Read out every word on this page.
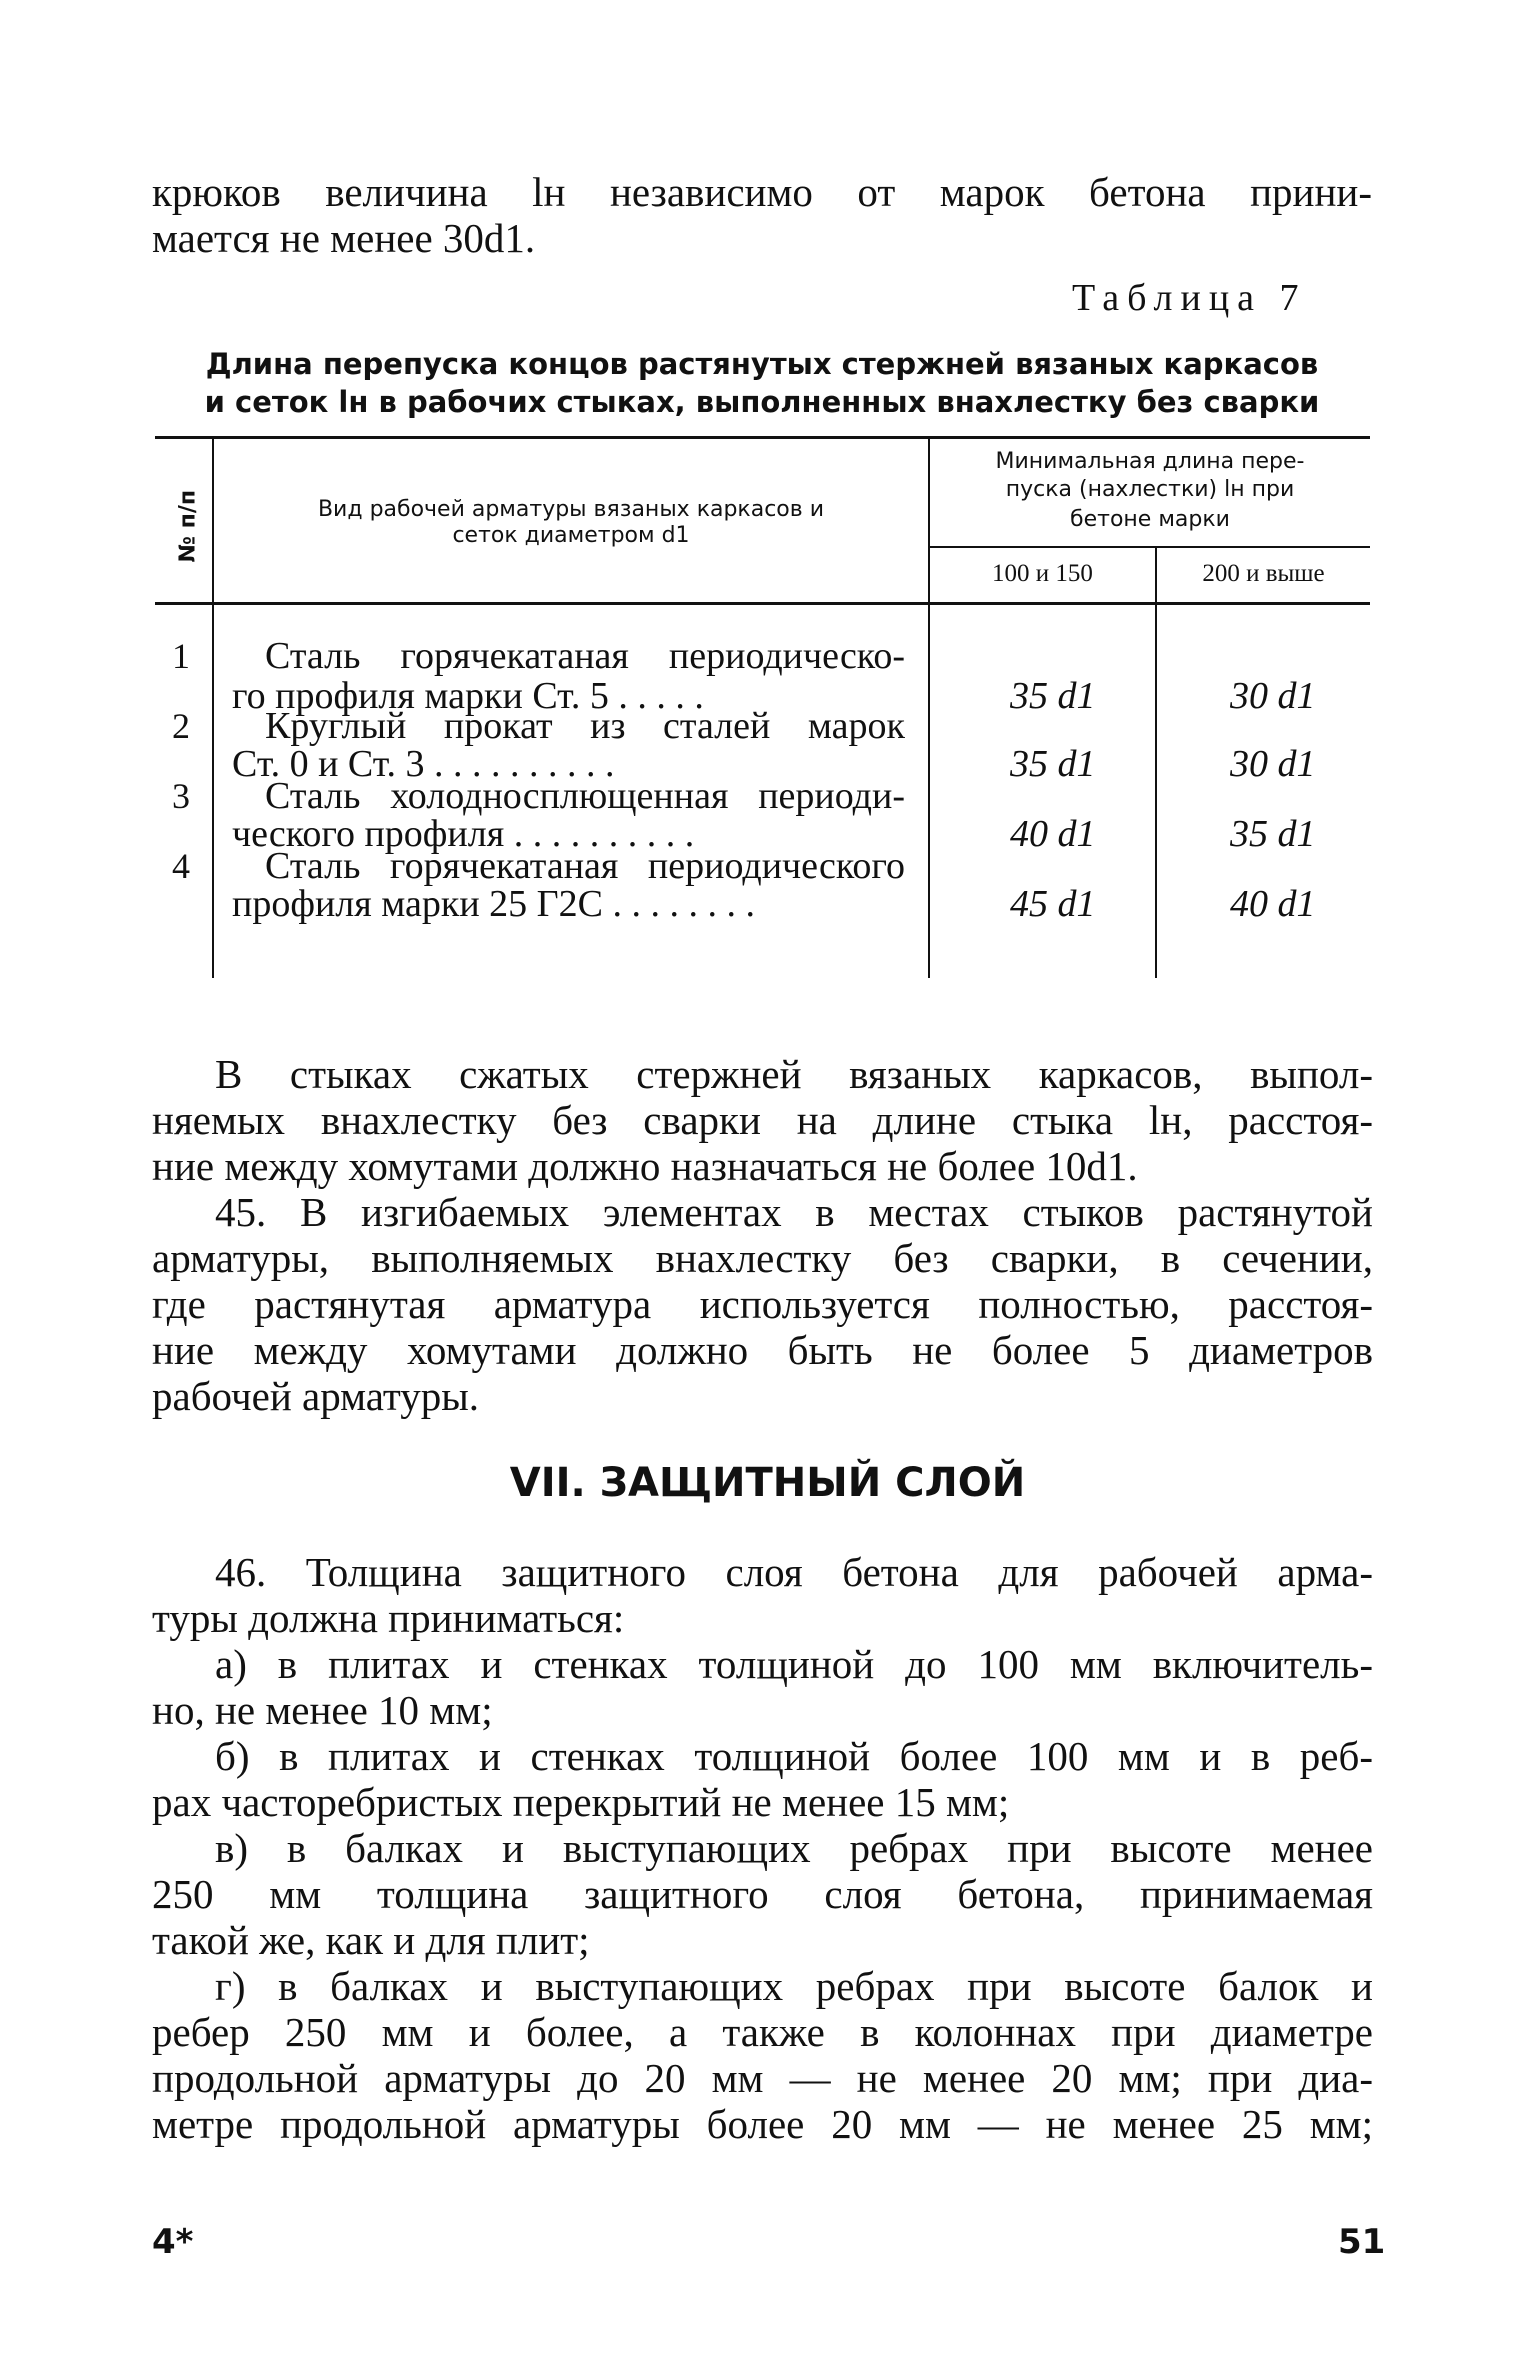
крюков величина lн независимо от марок бетона прини-
мается не менее 30d1.
Таблица 7
Длина перепуска концов растянутых стержней вязаных каркасов
и сеток lн в рабочих стыках, выполненных внахлестку без сварки
№ п/п	Вид рабочей арматуры вязаных каркасов и
сеток диаметром d1
Минимальная длина пере-
пуска (нахлестки) lн при
бетоне марки
100 и 150	200 и выше
1 Сталь горячекатаная периодическо-
го профиля марки Ст. 5 . . . . .	35 d1	30 d1
2 Круглый прокат из сталей марок
Ст. 0 и Ст. 3 . . . . . . . . . .	35 d1	30 d1
3 Сталь холодносплющенная периоди-
ческого профиля . . . . . . . . . .	40 d1	35 d1
4 Сталь горячекатаная периодического
профиля марки 25 Г2С . . . . . . . .	45 d1	40 d1
В стыках сжатых стержней вязаных каркасов, выпол-
няемых внахлестку без сварки на длине стыка lн, расстоя-
ние между хомутами должно назначаться не более 10d1.
45. В изгибаемых элементах в местах стыков растянутой
арматуры, выполняемых внахлестку без сварки, в сечении,
где растянутая арматура используется полностью, расстоя-
ние между хомутами должно быть не более 5 диаметров
рабочей арматуры.
VII. ЗАЩИТНЫЙ СЛОЙ
46. Толщина защитного слоя бетона для рабочей арма-
туры должна приниматься:
а) в плитах и стенках толщиной до 100 мм включитель-
но, не менее 10 мм;
б) в плитах и стенках толщиной более 100 мм и в реб-
рах часторебристых перекрытий не менее 15 мм;
в) в балках и выступающих ребрах при высоте менее
250 мм толщина защитного слоя бетона, принимаемая
такой же, как и для плит;
г) в балках и выступающих ребрах при высоте балок и
ребер 250 мм и более, а также в колоннах при диаметре
продольной арматуры до 20 мм — не менее 20 мм; при диа-
метре продольной арматуры более 20 мм — не менее 25 мм;
4*	51
